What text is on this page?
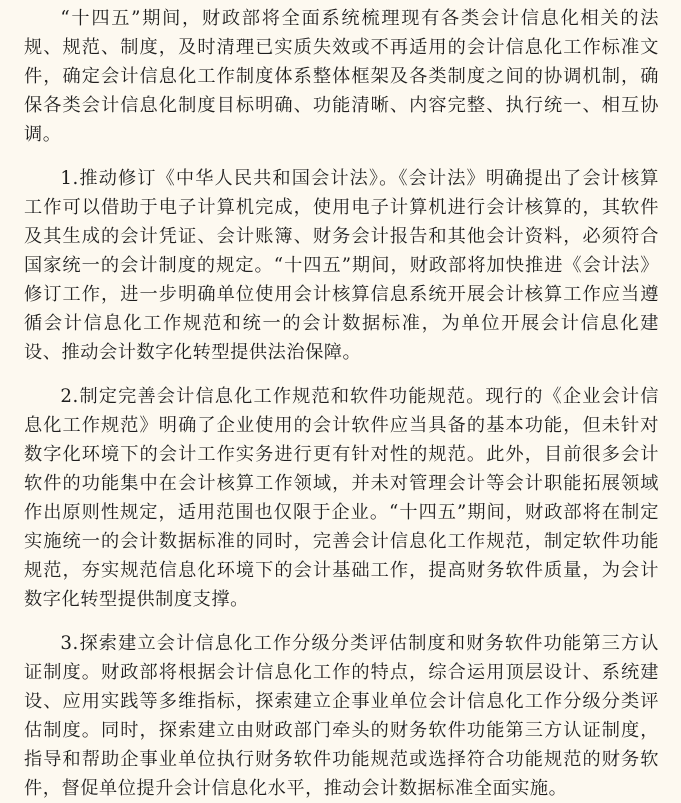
“十四五”期间，财政部将全面系统梳理现有各类会计信息化相关的法规、规范、制度，及时清理已实质失效或不再适用的会计信息化工作标准文件，确定会计信息化工作制度体系整体框架及各类制度之间的协调机制，确保各类会计信息化制度目标明确、功能清晰、内容完整、执行统一、相互协调。

1.推动修订《中华人民共和国会计法》。《会计法》明确提出了会计核算工作可以借助于电子计算机完成，使用电子计算机进行会计核算的，其软件及其生成的会计凭证、会计账簿、财务会计报告和其他会计资料，必须符合国家统一的会计制度的规定。“十四五”期间，财政部将加快推进《会计法》修订工作，进一步明确单位使用会计核算信息系统开展会计核算工作应当遵循会计信息化工作规范和统一的会计数据标准，为单位开展会计信息化建设、推动会计数字化转型提供法治保障。

2.制定完善会计信息化工作规范和软件功能规范。现行的《企业会计信息化工作规范》明确了企业使用的会计软件应当具备的基本功能，但未针对数字化环境下的会计工作实务进行更有针对性的规范。此外，目前很多会计软件的功能集中在会计核算工作领域，并未对管理会计等会计职能拓展领域作出原则性规定，适用范围也仅限于企业。“十四五”期间，财政部将在制定实施统一的会计数据标准的同时，完善会计信息化工作规范，制定软件功能规范，夯实规范信息化环境下的会计基础工作，提高财务软件质量，为会计数字化转型提供制度支撑。

3.探索建立会计信息化工作分级分类评估制度和财务软件功能第三方认证制度。财政部将根据会计信息化工作的特点，综合运用顶层设计、系统建设、应用实践等多维指标，探索建立企事业单位会计信息化工作分级分类评估制度。同时，探索建立由财政部门牵头的财务软件功能第三方认证制度，指导和帮助企事业单位执行财务软件功能规范或选择符合功能规范的财务软件，督促单位提升会计信息化水平，推动会计数据标准全面实施。
